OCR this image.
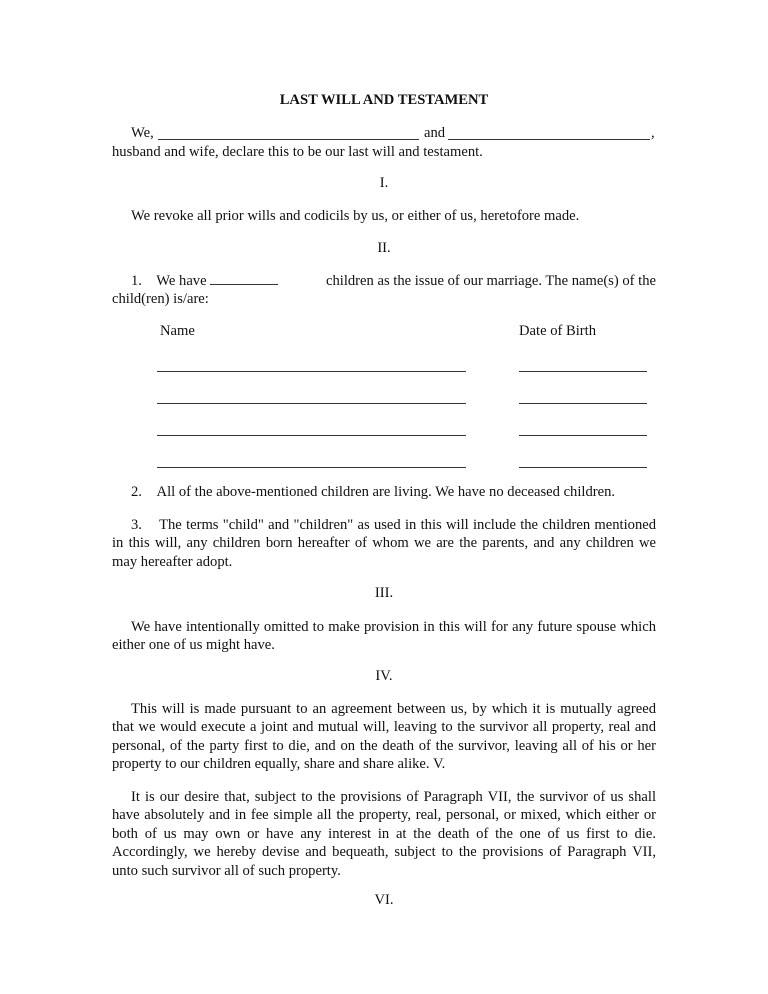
LAST WILL AND TESTAMENT
We,	and	,
husband and wife, declare this to be our last will and testament.
I.
We revoke all prior wills and codicils by us, or either of us, heretofore made.
II.
1. We have	children as the issue of our marriage. The name(s) of the
child(ren) is/are:
Name	Date of Birth
2. All of the above-mentioned children are living. We have no deceased children.
3. The terms "child" and "children" as used in this will include the children mentioned in this will, any children born hereafter of whom we are the parents, and any children we may hereafter adopt.
III.
We have intentionally omitted to make provision in this will for any future spouse which either one of us might have.
IV.
This will is made pursuant to an agreement between us, by which it is mutually agreed that we would execute a joint and mutual will, leaving to the survivor all property, real and personal, of the party first to die, and on the death of the survivor, leaving all of his or her property to our children equally, share and share alike. V.
It is our desire that, subject to the provisions of Paragraph VII, the survivor of us shall have absolutely and in fee simple all the property, real, personal, or mixed, which either or both of us may own or have any interest in at the death of the one of us first to die. Accordingly, we hereby devise and bequeath, subject to the provisions of Paragraph VII, unto such survivor all of such property.
VI.
